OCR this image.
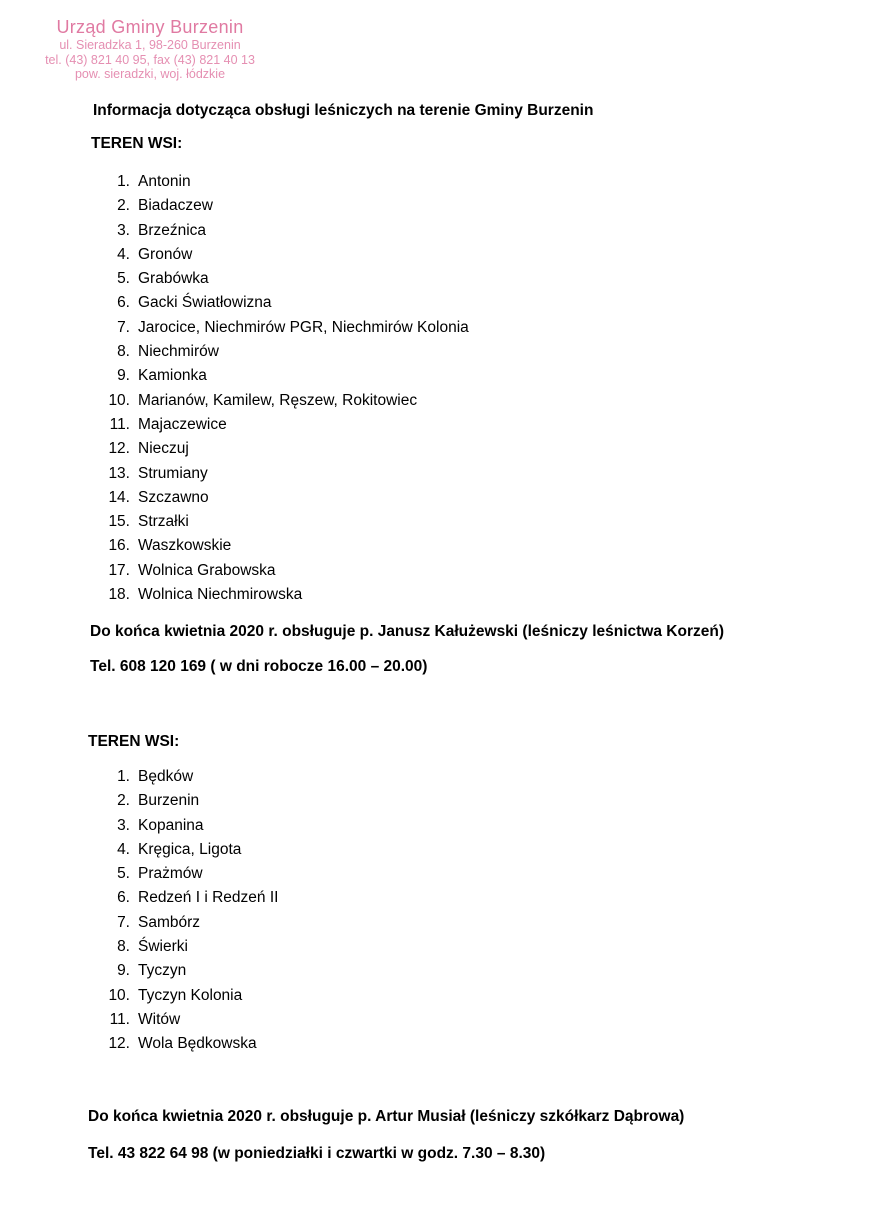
Urząd Gminy Burzenin
ul. Sieradzka 1, 98-260 Burzenin
tel. (43) 821 40 95, fax (43) 821 40 13
pow. sieradzki, woj. łódzkie
Informacja dotycząca obsługi leśniczych na terenie Gminy Burzenin
TEREN WSI:
1. Antonin
2. Biadaczew
3. Brzeźnica
4. Gronów
5. Grabówka
6. Gacki Światłowizna
7. Jarocice, Niechmirów PGR, Niechmirów Kolonia
8. Niechmirów
9. Kamionka
10. Marianów, Kamilew, Ręszew, Rokitowiec
11. Majaczewice
12. Nieczuj
13. Strumiany
14. Szczawno
15. Strzałki
16. Waszkowskie
17. Wolnica Grabowska
18. Wolnica Niechmirowska
Do końca kwietnia 2020 r. obsługuje p. Janusz Kałużewski (leśniczy leśnictwa Korzeń)
Tel. 608 120 169 ( w dni robocze 16.00 – 20.00)
TEREN WSI:
1. Będków
2. Burzenin
3. Kopanina
4. Kręgica, Ligota
5. Prażmów
6. Redzeń I i Redzeń II
7. Sambórz
8. Świerki
9. Tyczyn
10. Tyczyn Kolonia
11. Witów
12. Wola Będkowska
Do końca kwietnia 2020 r. obsługuje p. Artur Musiał (leśniczy szkółkarz Dąbrowa)
Tel. 43 822 64 98 (w poniedziałki i czwartki w godz. 7.30 – 8.30)
